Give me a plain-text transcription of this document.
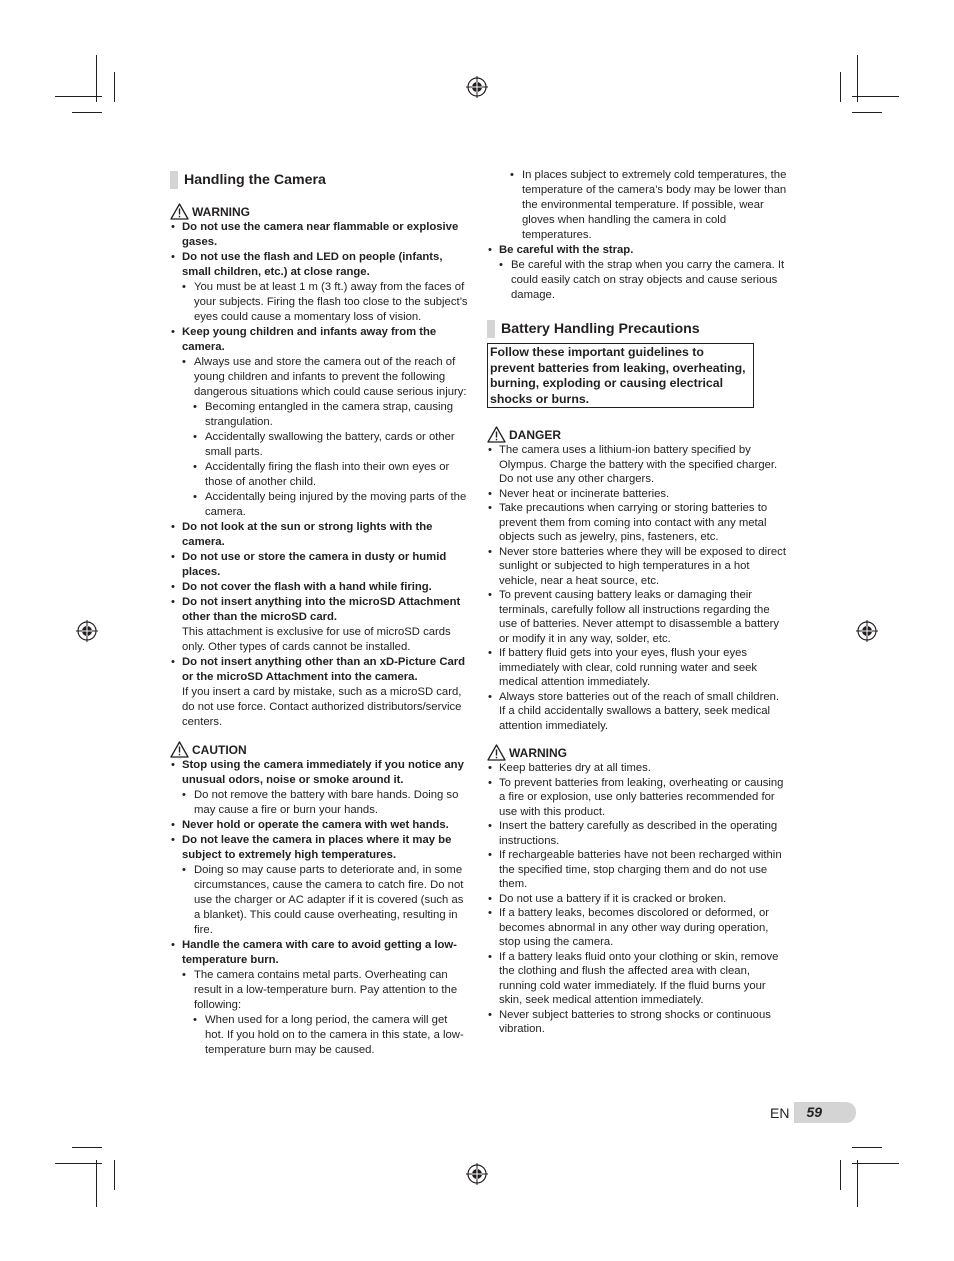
Handling the Camera
WARNING
• Do not use the camera near flammable or explosive gases.
• Do not use the flash and LED on people (infants, small children, etc.) at close range.
• You must be at least 1 m (3 ft.) away from the faces of your subjects. Firing the flash too close to the subject’s eyes could cause a momentary loss of vision.
• Keep young children and infants away from the camera.
• Always use and store the camera out of the reach of young children and infants to prevent the following dangerous situations which could cause serious injury:
• Becoming entangled in the camera strap, causing strangulation.
• Accidentally swallowing the battery, cards or other small parts.
• Accidentally firing the flash into their own eyes or those of another child.
• Accidentally being injured by the moving parts of the camera.
• Do not look at the sun or strong lights with the camera.
• Do not use or store the camera in dusty or humid places.
• Do not cover the flash with a hand while firing.
• Do not insert anything into the microSD Attachment other than the microSD card.
This attachment is exclusive for use of microSD cards only. Other types of cards cannot be installed.
• Do not insert anything other than an xD-Picture Card or the microSD Attachment into the camera.
If you insert a card by mistake, such as a microSD card, do not use force. Contact authorized distributors/service centers.
CAUTION
• Stop using the camera immediately if you notice any unusual odors, noise or smoke around it.
• Do not remove the battery with bare hands. Doing so may cause a fire or burn your hands.
• Never hold or operate the camera with wet hands.
• Do not leave the camera in places where it may be subject to extremely high temperatures.
• Doing so may cause parts to deteriorate and, in some circumstances, cause the camera to catch fire. Do not use the charger or AC adapter if it is covered (such as a blanket). This could cause overheating, resulting in fire.
• Handle the camera with care to avoid getting a low-temperature burn.
• The camera contains metal parts. Overheating can result in a low-temperature burn. Pay attention to the following:
• When used for a long period, the camera will get hot. If you hold on to the camera in this state, a low-temperature burn may be caused.
• In places subject to extremely cold temperatures, the temperature of the camera’s body may be lower than the environmental temperature. If possible, wear gloves when handling the camera in cold temperatures.
• Be careful with the strap.
• Be careful with the strap when you carry the camera. It could easily catch on stray objects and cause serious damage.
Battery Handling Precautions
Follow these important guidelines to prevent batteries from leaking, overheating, burning, exploding or causing electrical shocks or burns.
DANGER
• The camera uses a lithium-ion battery specified by Olympus. Charge the battery with the specified charger. Do not use any other chargers.
• Never heat or incinerate batteries.
• Take precautions when carrying or storing batteries to prevent them from coming into contact with any metal objects such as jewelry, pins, fasteners, etc.
• Never store batteries where they will be exposed to direct sunlight or subjected to high temperatures in a hot vehicle, near a heat source, etc.
• To prevent causing battery leaks or damaging their terminals, carefully follow all instructions regarding the use of batteries. Never attempt to disassemble a battery or modify it in any way, solder, etc.
• If battery fluid gets into your eyes, flush your eyes immediately with clear, cold running water and seek medical attention immediately.
• Always store batteries out of the reach of small children. If a child accidentally swallows a battery, seek medical attention immediately.
WARNING
• Keep batteries dry at all times.
• To prevent batteries from leaking, overheating or causing a fire or explosion, use only batteries recommended for use with this product.
• Insert the battery carefully as described in the operating instructions.
• If rechargeable batteries have not been recharged within the specified time, stop charging them and do not use them.
• Do not use a battery if it is cracked or broken.
• If a battery leaks, becomes discolored or deformed, or becomes abnormal in any other way during operation, stop using the camera.
• If a battery leaks fluid onto your clothing or skin, remove the clothing and flush the affected area with clean, running cold water immediately. If the fluid burns your skin, seek medical attention immediately.
• Never subject batteries to strong shocks or continuous vibration.
EN	59
